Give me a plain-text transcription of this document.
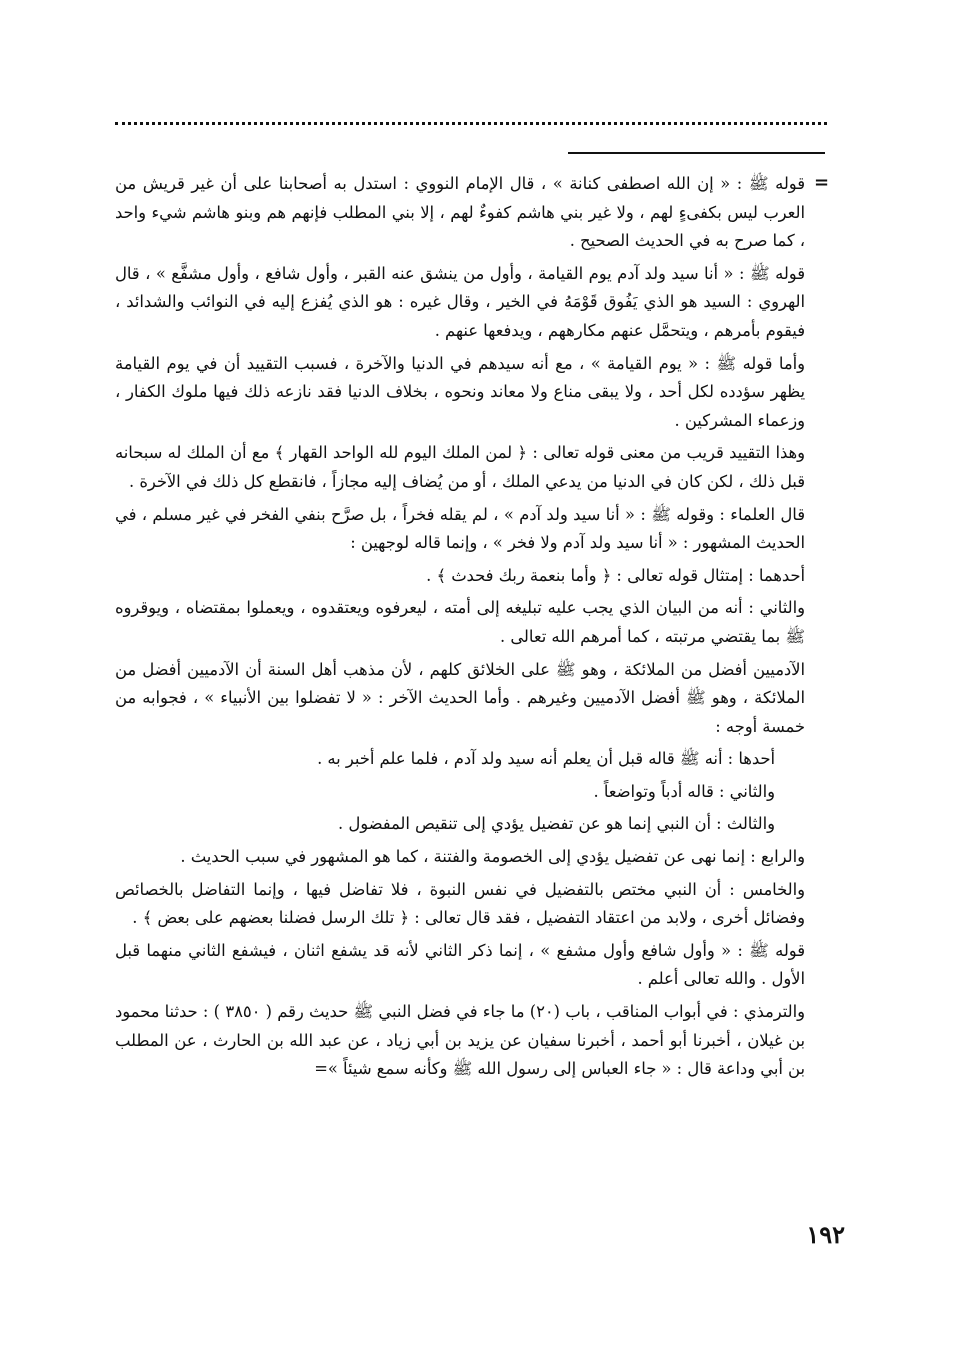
=

قوله ﷺ : « إن الله اصطفى كنانة » ، قال الإمام النووي : استدل به أصحابنا على أن غير قريش من العرب ليس بكفىءٍ لهم ، ولا غير بني هاشم كفوءٌ لهم ، إلا بني المطلب فإنهم هم وبنو هاشم شيء واحد ، كما صرح به في الحديث الصحيح .

قوله ﷺ : « أنا سيد ولد آدم يوم القيامة ، وأول من ينشق عنه القبر ، وأول شافع ، وأول مشفَّع » ، قال الهروي : السيد هو الذي يَفُوق قَوْمَهُ في الخير ، وقال غيره : هو الذي يُفزع إليه في النوائب والشدائد ، فيقوم بأمرهم ، ويتحمَّل عنهم مكارههم ، ويدفعها عنهم .

وأما قوله ﷺ : « يوم القيامة » ، مع أنه سيدهم في الدنيا والآخرة ، فسبب التقييد أن في يوم القيامة يظهر سؤدده لكل أحد ، ولا يبقى مناع ولا معاند ونحوه ، بخلاف الدنيا فقد نازعه ذلك فيها ملوك الكفار ، وزعماء المشركين .

وهذا التقييد قريب من معنى قوله تعالى : ﴿ لمن الملك اليوم لله الواحد القهار ﴾ مع أن الملك له سبحانه قبل ذلك ، لكن كان في الدنيا من يدعي الملك ، أو من يُضاف إليه مجازاً ، فانقطع كل ذلك في الآخرة .

قال العلماء : وقوله ﷺ : « أنا سيد ولد آدم » ، لم يقله فخراً ، بل صرَّح بنفي الفخر في غير مسلم ، في الحديث المشهور : « أنا سيد ولد آدم ولا فخر » ، وإنما قاله لوجهين :

أحدهما : إمتثال قوله تعالى : ﴿ وأما بنعمة ربك فحدث ﴾ .

والثاني : أنه من البيان الذي يجب عليه تبليغه إلى أمته ، ليعرفوه ويعتقدوه ، ويعملوا بمقتضاه ، ويوقروه ﷺ بما يقتضي مرتبته ، كما أمرهم الله تعالى .

الآدميين أفضل من الملائكة ، وهو ﷺ على الخلائق كلهم ، لأن مذهب أهل السنة أن الآدميين أفضل من الملائكة ، وهو ﷺ أفضل الآدميين وغيرهم . وأما الحديث الآخر : « لا تفضلوا بين الأنبياء » ، فجوابه من خمسة أوجه :

أحدها : أنه ﷺ قاله قبل أن يعلم أنه سيد ولد آدم ، فلما علم أخبر به .

والثاني : قاله أدباً وتواضعاً .

والثالث : أن النبي إنما هو عن تفضيل يؤدي إلى تنقيص المفضول .

والرابع : إنما نهى عن تفضيل يؤدي إلى الخصومة والفتنة ، كما هو المشهور في سبب الحديث .

والخامس : أن النبي مختص بالتفضيل في نفس النبوة ، فلا تفاضل فيها ، وإنما التفاضل بالخصائص وفضائل أخرى ، ولابد من اعتقاد التفضيل ، فقد قال تعالى : ﴿ تلك الرسل فضلنا بعضهم على بعض ﴾ .

قوله ﷺ : « وأول شافع وأول مشفع » ، إنما ذكر الثاني لأنه قد يشفع اثنان ، فيشفع الثاني منهما قبل الأول . والله تعالى أعلم .

والترمذي : في أبواب المناقب ، باب (٢٠) ما جاء في فضل النبي ﷺ حديث رقم ( ٣٨٥٠ ) : حدثنا محمود بن غيلان ، أخبرنا أبو أحمد ، أخبرنا سفيان عن يزيد بن أبي زياد ، عن عبد الله بن الحارث ، عن المطلب بن أبي وداعة قال : « جاء العباس إلى رسول الله ﷺ وكأنه سمع شيئاً »=

١٩٢
